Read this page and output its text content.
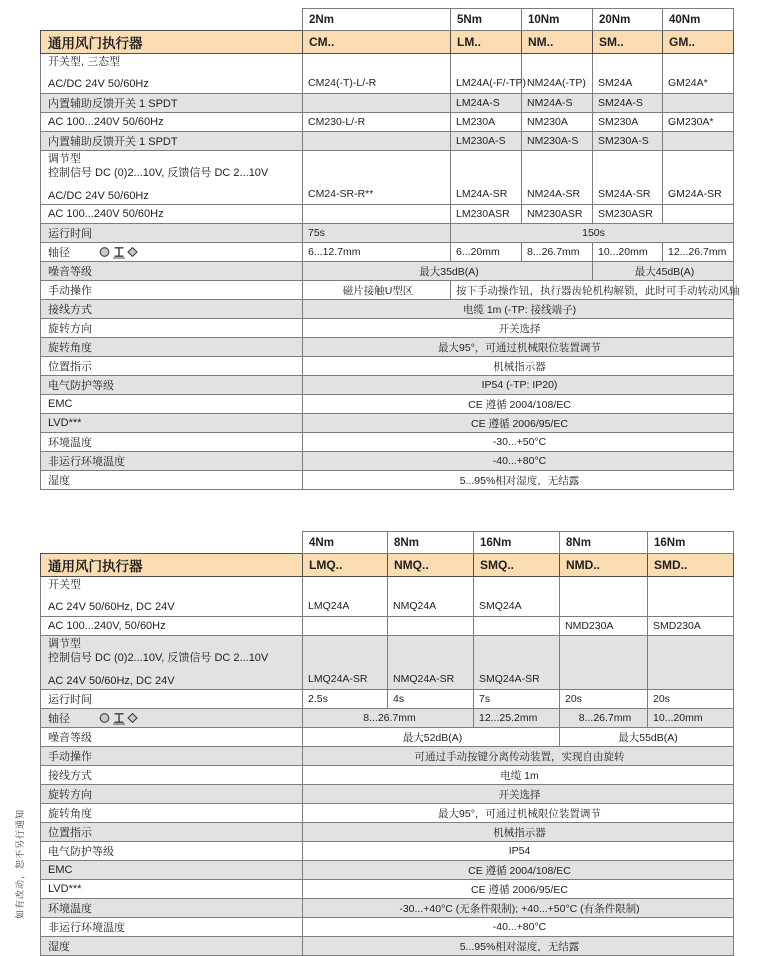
	2Nm	5Nm	10Nm	20Nm	40Nm
通用风门执行器	CM..	LM..	NM..	SM..	GM..

开关型, 三态型
AC/DC 24V 50/60Hz	CM24(-T)-L/-R	LM24A(-F/-TP)	NM24A(-TP)	SM24A	GM24A*
内置辅助反馈开关 1 SPDT		LM24A-S	NM24A-S	SM24A-S	
AC 100...240V 50/60Hz	CM230-L/-R	LM230A	NM230A	SM230A	GM230A*
内置辅助反馈开关 1 SPDT		LM230A-S	NM230A-S	SM230A-S	

调节型
控制信号 DC (0)2...10V, 反馈信号 DC 2...10V
AC/DC 24V 50/60Hz	CM24-SR-R**	LM24A-SR	NM24A-SR	SM24A-SR	GM24A-SR
AC 100...240V 50/60Hz		LM230ASR	NM230ASR	SM230ASR	
运行时间	75s	150s			

轴径	6...12.7mm	6...20mm	8...26.7mm	10...20mm	12...26.7mm
噪音等级	最大35dB(A)			最大45dB(A)	
手动操作	磁片接触U型区	按下手动操作钮，执行器齿轮机构解锁，此时可手动转动风轴			
接线方式	电缆 1m (-TP: 接线端子)				
旋转方向	开关选择				
旋转角度	最大95°，可通过机械限位装置调节				
位置指示	机械指示器				
电气防护等级	IP54 (-TP: IP20)				
EMC	CE 遵循 2004/108/EC				
LVD***	CE 遵循 2006/95/EC				
环境温度	-30...+50°C				
非运行环境温度	-40...+80°C				
湿度	5...95%相对湿度，无结露				
	4Nm	8Nm	16Nm	8Nm	16Nm
通用风门执行器	LMQ..	NMQ..	SMQ..	NMD..	SMD..

开关型
AC 24V 50/60Hz, DC 24V	LMQ24A	NMQ24A	SMQ24A		
AC 100...240V, 50/60Hz				NMD230A	SMD230A

调节型
控制信号 DC (0)2...10V, 反馈信号 DC 2...10V
AC 24V 50/60Hz, DC 24V	LMQ24A-SR	NMQ24A-SR	SMQ24A-SR		
运行时间	2.5s	4s	7s	20s	20s

轴径	8...26.7mm		12...25.2mm	8...26.7mm	10...20mm
噪音等级	最大52dB(A)			最大55dB(A)	
手动操作	可通过手动按键分离传动装置，实现自由旋转				
接线方式	电缆 1m				
旋转方向	开关选择				
旋转角度	最大95°，可通过机械限位装置调节				
位置指示	机械指示器				
电气防护等级	IP54				
EMC	CE 遵循 2004/108/EC				
LVD***	CE 遵循 2006/95/EC				
环境温度	-30...+40°C (无条件限制); +40...+50°C (有条件限制)				
非运行环境温度	-40...+80°C				
湿度	5...95%相对湿度，无结露				
如有改动，恕不另行通知
